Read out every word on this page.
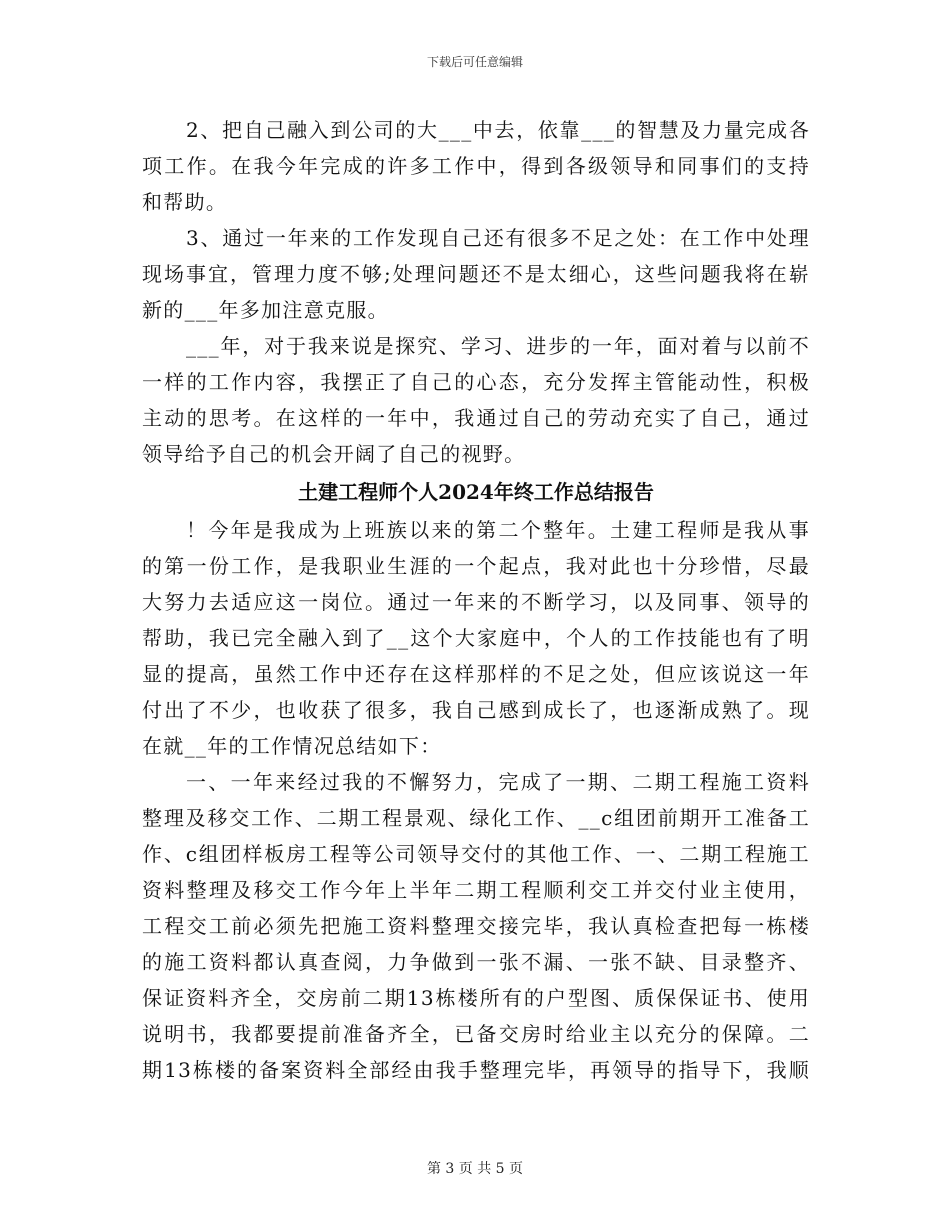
下载后可任意编辑
2、把自己融入到公司的大___中去，依靠___的智慧及力量完成各
项工作。在我今年完成的许多工作中，得到各级领导和同事们的支持
和帮助。
3、通过一年来的工作发现自己还有很多不足之处：在工作中处理
现场事宜，管理力度不够;处理问题还不是太细心，这些问题我将在崭
新的___年多加注意克服。
___年，对于我来说是探究、学习、进步的一年，面对着与以前不
一样的工作内容，我摆正了自己的心态，充分发挥主管能动性，积极
主动的思考。在这样的一年中，我通过自己的劳动充实了自己，通过
领导给予自己的机会开阔了自己的视野。
土建工程师个人2024年终工作总结报告
！今年是我成为上班族以来的第二个整年。土建工程师是我从事
的第一份工作，是我职业生涯的一个起点，我对此也十分珍惜，尽最
大努力去适应这一岗位。通过一年来的不断学习，以及同事、领导的
帮助，我已完全融入到了__这个大家庭中，个人的工作技能也有了明
显的提高，虽然工作中还存在这样那样的不足之处，但应该说这一年
付出了不少，也收获了很多，我自己感到成长了，也逐渐成熟了。现
在就__年的工作情况总结如下：
一、一年来经过我的不懈努力，完成了一期、二期工程施工资料
整理及移交工作、二期工程景观、绿化工作、__c组团前期开工准备工
作、c组团样板房工程等公司领导交付的其他工作、一、二期工程施工
资料整理及移交工作今年上半年二期工程顺利交工并交付业主使用，
工程交工前必须先把施工资料整理交接完毕，我认真检查把每一栋楼
的施工资料都认真查阅，力争做到一张不漏、一张不缺、目录整齐、
保证资料齐全，交房前二期13栋楼所有的户型图、质保保证书、使用
说明书，我都要提前准备齐全，已备交房时给业主以充分的保障。二
期13栋楼的备案资料全部经由我手整理完毕，再领导的指导下，我顺
第 3 页 共 5 页
